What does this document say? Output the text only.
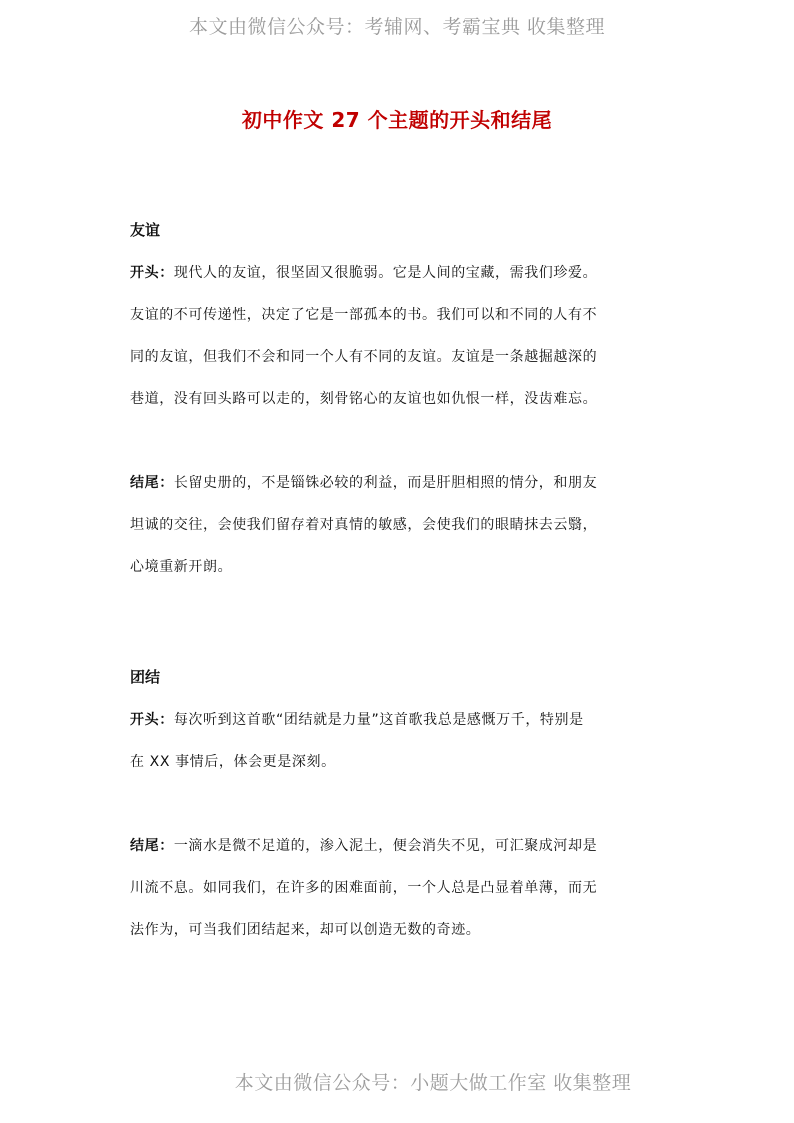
本文由微信公众号：考辅网、考霸宝典 收集整理
初中作文 27 个主题的开头和结尾
友谊

开头：现代人的友谊，很坚固又很脆弱。它是人间的宝藏，需我们珍爱。
友谊的不可传递性，决定了它是一部孤本的书。我们可以和不同的人有不
同的友谊，但我们不会和同一个人有不同的友谊。友谊是一条越掘越深的
巷道，没有回头路可以走的，刻骨铭心的友谊也如仇恨一样，没齿难忘。

结尾：长留史册的，不是锱铢必较的利益，而是肝胆相照的情分，和朋友
坦诚的交往，会使我们留存着对真情的敏感，会使我们的眼睛抹去云翳，
心境重新开朗。

团结

开头：每次听到这首歌“团结就是力量”这首歌我总是感慨万千，特别是
在 XX 事情后，体会更是深刻。

结尾：一滴水是微不足道的，渗入泥土，便会消失不见，可汇聚成河却是
川流不息。如同我们，在许多的困难面前，一个人总是凸显着单薄，而无
法作为，可当我们团结起来，却可以创造无数的奇迹。

本文由微信公众号：小题大做工作室 收集整理
